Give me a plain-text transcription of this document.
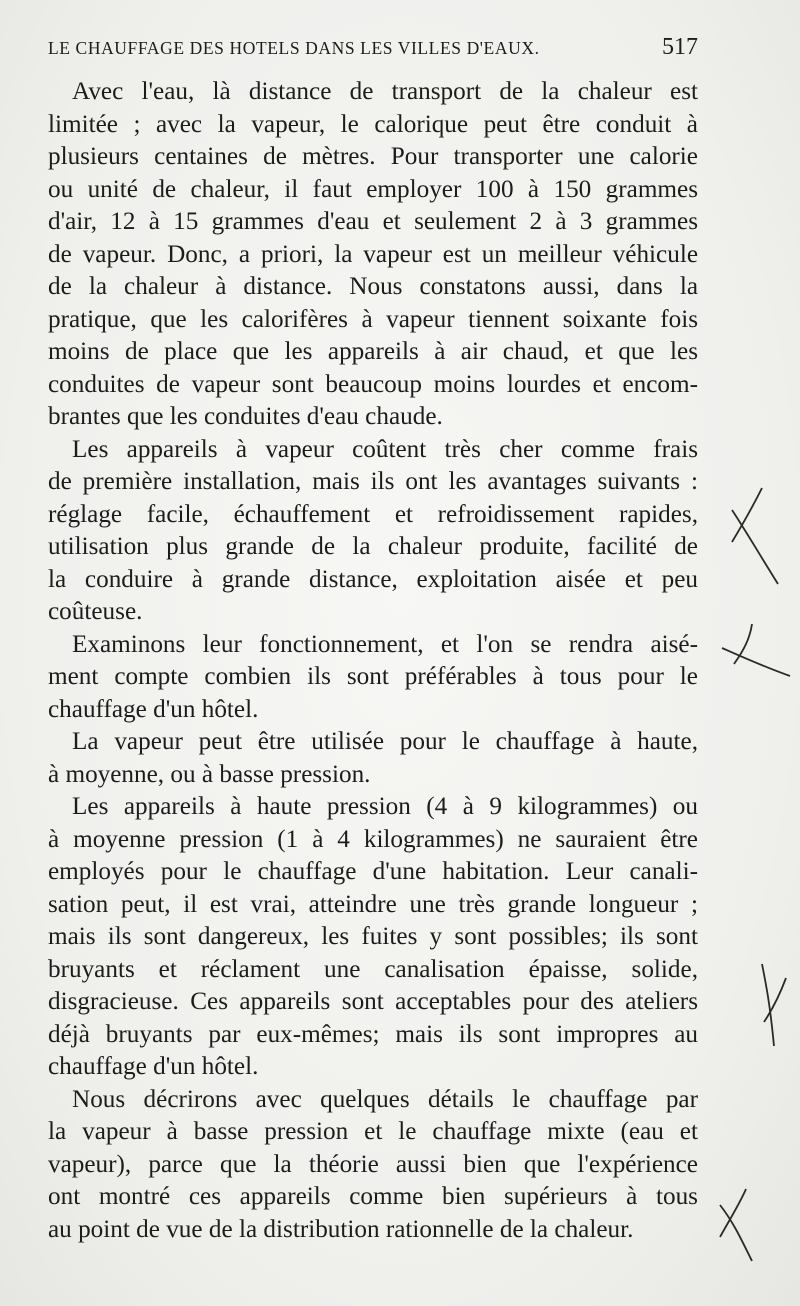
LE CHAUFFAGE DES HOTELS DANS LES VILLES D'EAUX.	517
Avec l'eau, là distance de transport de la chaleur est
limitée ; avec la vapeur, le calorique peut être conduit à
plusieurs centaines de mètres. Pour transporter une calorie
ou unité de chaleur, il faut employer 100 à 150 grammes
d'air, 12 à 15 grammes d'eau et seulement 2 à 3 grammes
de vapeur. Donc, a priori, la vapeur est un meilleur véhicule
de la chaleur à distance. Nous constatons aussi, dans la
pratique, que les calorifères à vapeur tiennent soixante fois
moins de place que les appareils à air chaud, et que les
conduites de vapeur sont beaucoup moins lourdes et encom-
brantes que les conduites d'eau chaude.
Les appareils à vapeur coûtent très cher comme frais
de première installation, mais ils ont les avantages suivants :
réglage facile, échauffement et refroidissement rapides,
utilisation plus grande de la chaleur produite, facilité de
la conduire à grande distance, exploitation aisée et peu
coûteuse.
Examinons leur fonctionnement, et l'on se rendra aisé-
ment compte combien ils sont préférables à tous pour le
chauffage d'un hôtel.
La vapeur peut être utilisée pour le chauffage à haute,
à moyenne, ou à basse pression.
Les appareils à haute pression (4 à 9 kilogrammes) ou
à moyenne pression (1 à 4 kilogrammes) ne sauraient être
employés pour le chauffage d'une habitation. Leur canali-
sation peut, il est vrai, atteindre une très grande longueur ;
mais ils sont dangereux, les fuites y sont possibles; ils sont
bruyants et réclament une canalisation épaisse, solide,
disgracieuse. Ces appareils sont acceptables pour des ateliers
déjà bruyants par eux-mêmes; mais ils sont impropres au
chauffage d'un hôtel.
Nous décrirons avec quelques détails le chauffage par
la vapeur à basse pression et le chauffage mixte (eau et
vapeur), parce que la théorie aussi bien que l'expérience
ont montré ces appareils comme bien supérieurs à tous
au point de vue de la distribution rationnelle de la chaleur.
